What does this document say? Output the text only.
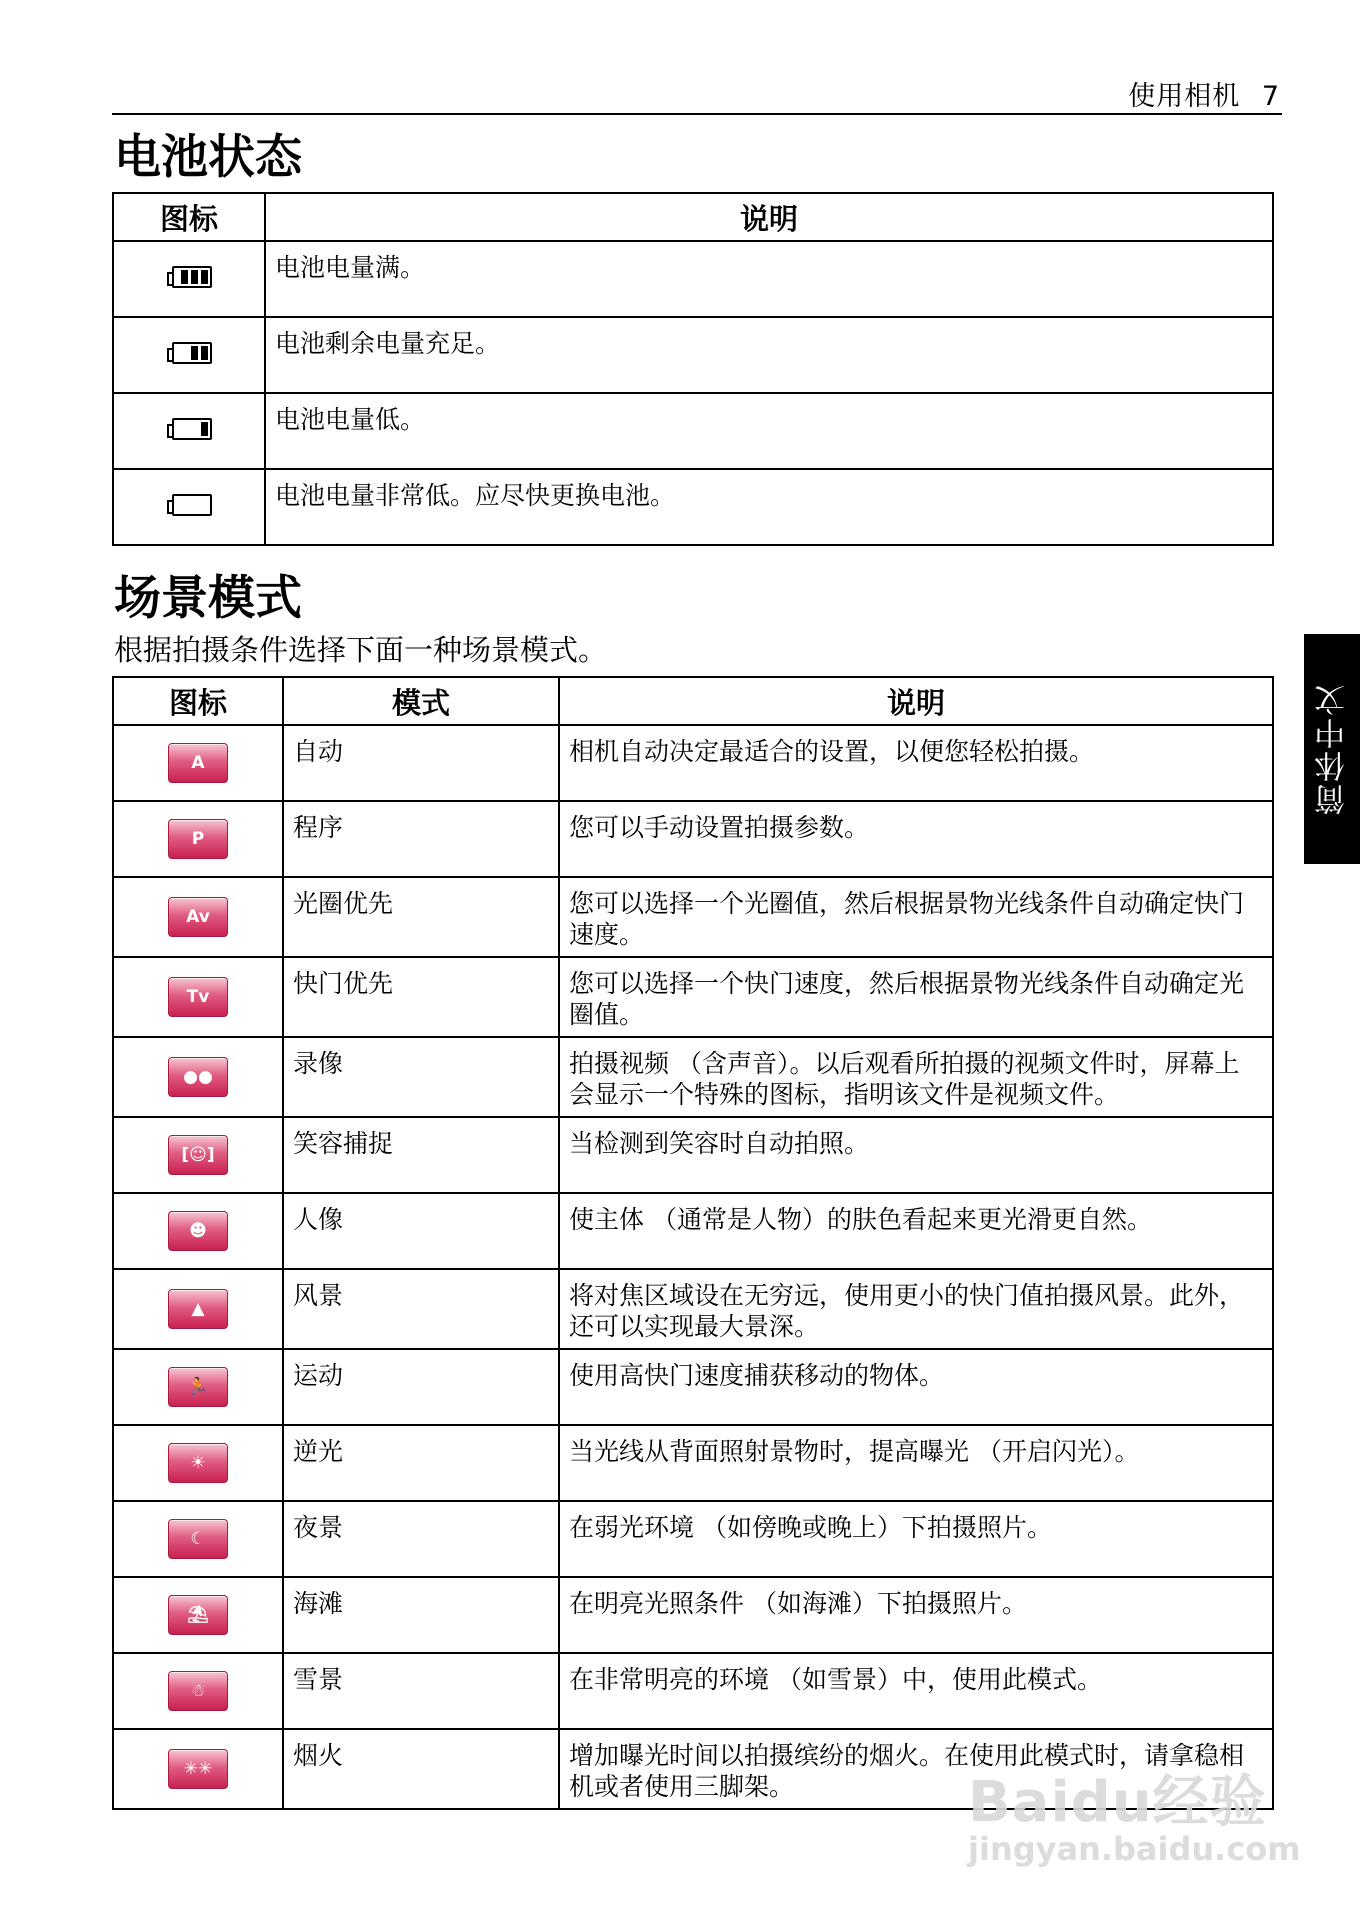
使用相机 7
电池状态
图标	说明

	电池电量满。

	电池剩余电量充足。

	电池电量低。
	电池电量非常低。应尽快更换电池。
场景模式
根据拍摄条件选择下面一种场景模式。
图标	模式	说明
A	自动	相机自动决定最适合的设置，以便您轻松拍摄。
P	程序	您可以手动设置拍摄参数。
Av	光圈优先	您可以选择一个光圈值，然后根据景物光线条件自动确定快门速度。
Tv	快门优先	您可以选择一个快门速度，然后根据景物光线条件自动确定光圈值。
●●	录像	拍摄视频 （含声音）。以后观看所拍摄的视频文件时，屏幕上会显示一个特殊的图标，指明该文件是视频文件。
[☺]	笑容捕捉	当检测到笑容时自动拍照。
☻	人像	使主体 （通常是人物）的肤色看起来更光滑更自然。
▲	风景	将对焦区域设在无穷远，使用更小的快门值拍摄风景。此外，还可以实现最大景深。
🏃	运动	使用高快门速度捕获移动的物体。
☀	逆光	当光线从背面照射景物时，提高曝光 （开启闪光）。
☾	夜景	在弱光环境 （如傍晚或晚上）下拍摄照片。
⛱	海滩	在明亮光照条件 （如海滩）下拍摄照片。
☃	雪景	在非常明亮的环境 （如雪景）中，使用此模式。
✳✳	烟火	增加曝光时间以拍摄缤纷的烟火。在使用此模式时，请拿稳相机或者使用三脚架。
简体中文
Baidu经验
jingyan.baidu.com
